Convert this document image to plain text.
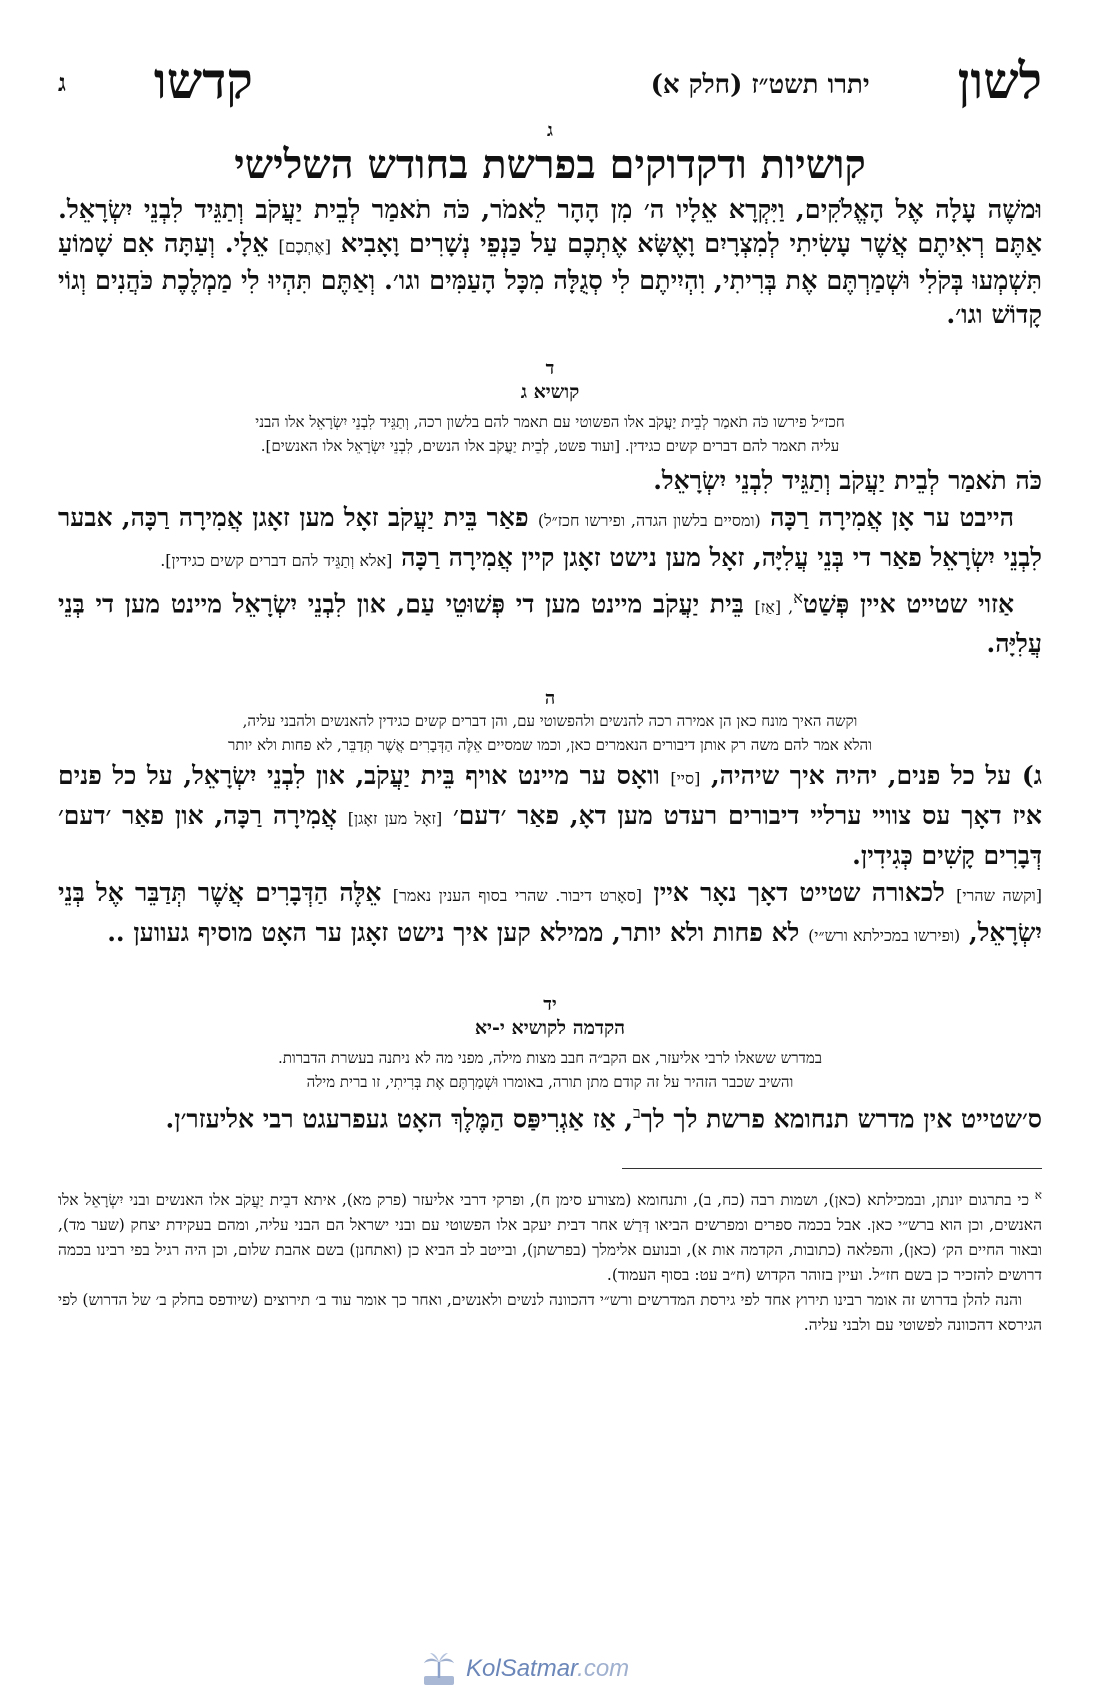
לשון
יתרו תשט״ז (חלק א)
קדשו
ג

ג

קושיות ודקדוקים בפרשת בחודש השלישי
וּמשֶׁה עָלָה אֶל הָאֱלֹקִים, וַיִּקְרָא אֵלָיו ה׳ מִן הָהָר לֵאמֹר, כֹּה תֹאמַר לְבֵית יַעֲקֹב וְתַגֵּיד לִבְנֵי יִשְׂרָאֵל. אַתֶּם רְאִיתֶם אֲשֶׁר עָשִׂיתִי לְמִצְרָיִם וָאֶשָּׂא אֶתְכֶם עַל כַּנְפֵי נְשָׁרִים וָאָבִיא [אֶתְכֶם] אֵלָי. וְעַתָּה אִם שָׁמוֹעַ תִּשְׁמְעוּ בְּקֹלִי וּשְׁמַרְתֶּם אֶת בְּרִיתִי, וִהְיִיתֶם לִי סְגֻלָּה מִכָּל הָעַמִּים וגו׳. וְאַתֶּם תִּהְיוּ לִי מַמְלֶכֶת כֹּהֲנִים וְגוֹי קָדוֹשׁ וגו׳.

ד

קושיא ג
חכז״ל פירשו כֹּה תֹאמַר לְבֵית יַעֲקֹב אלו הפשוטי עם תאמר להם בלשון רכה, וְתַגֵּיד לִבְנֵי יִשְׂרָאֵל אלו הבני
עליה תאמר להם דברים קשים כגידין. [ועוד פשט, לְבֵית יַעֲקֹב אלו הנשים, לִבְנֵי יִשְׂרָאֵל אלו האנשים].

כֹּה תֹאמַר לְבֵית יַעֲקֹב וְתַגֵּיד לִבְנֵי יִשְׂרָאֵל.

הייבט ער אָן אֲמִירָה רַכָּה (ומסיים בלשון הגדה, ופירשו חכז״ל) פאַר בֵּית יַעֲקֹב זאָל מען זאָגן אֲמִירָה רַכָּה, אבער לִבְנֵי יִשְׂרָאֵל פאַר די בְּנֵי עֲלִיָּה, זאָל מען נישט זאָגן קיין אֲמִירָה רַכָּה [אלא וְתַגֵּיד להם דברים קשים כגידין].

אַזוי שטייט איין פְּשַׁט$^א$, [אַז] בֵּית יַעֲקֹב מיינט מען די פְּשׁוּטֵי עַם, און לִבְנֵי יִשְׂרָאֵל מיינט מען די בְּנֵי עֲלִיָּה.

ה

וקשה האיך מונח כאן הן אמירה רכה להנשים ולהפשוטי עם, והן דברים קשים כגידין להאנשים ולהבני עליה,
והלא אמר להם משה רק אותן דיבורים הנאמרים כאן, וכמו שמסיים אֵלֶּה הַדְּבָרִים אֲשֶׁר תְּדַבֵּר, לא פחות ולא יותר

ג) על כל פנים, יהיה איך שיהיה, [סיי] וואָס ער מיינט אויף בֵּית יַעֲקֹב, און לִבְנֵי יִשְׂרָאֵל, על כל פנים איז דאָך עס צוויי ערליי דיבורים רעדט מען דאָ, פאַר ׳דעם׳ [זאָל מען זאָגן] אֲמִירָה רַכָּה, און פאַר ׳דעם׳ דְּבָרִים קָשִׁים כְּגִידִין.

[וקשה שהרי] לכאורה שטייט דאָך נאָר איין [סאָרט דיבור. שהרי בסוף הענין נאמר] אֵלֶּה הַדְּבָרִים אֲשֶׁר תְּדַבֵּר אֶל בְּנֵי יִשְׂרָאֵל, (ופירשו במכילתא ורש״י) לא פחות ולא יותר, ממילא קען איך נישט זאָגן ער האָט מוסיף געווען ..

יד

הקדמה לקושיא י-יא
במדרש ששאלו לרבי אליעזר, אם הקב״ה חבב מצות מילה, מפני מה לא ניתנה בעשרת הדברות.
והשיב שכבר הזהיר על זה קודם מתן תורה, באומרו וּשְׁמַרְתֶּם אֶת בְּרִיתִי, זו ברית מילה

ס׳שטייט אין מדרש תנחומא פרשת לך לך$^ב$, אַז אַגְרִיפַּס הַמֶּלֶךְ האָט געפרעגט רבי אליעזר׳ן.

$^א$ כי בתרגום יונתן, ובמכילתא (כאן), ושמות רבה (כח, ב), ותנחומא (מצורע סימן ח), ופרקי דרבי אליעזר (פרק מא), איתא דבֵית יַעֲקֹב אלו האנשים ובני יִשְׂרָאֵל אלו האנשים, וכן הוא ברש״י כאן. אבל בכמה ספרים ומפרשים הביאו דְּרַשׁ אחר דבית יעקב אלו הפשוטי עם ובני ישראל הם הבני עליה, ומהם בעקידת יצחק (שער מד), ובאור החיים הק׳ (כאן), והפלאה (כתובות, הקדמה אות א), ובנועם אלימלך (בפרשתן), ובייטב לב הביא כן (ואתחנן) בשם אהבת שלום, וכן היה רגיל בפי רבינו בכמה דרושים להזכיר כן בשם חז״ל. ועיין בזוהר הקדוש (ח״ב עט: בסוף העמוד).

והנה להלן בדרוש זה אומר רבינו תירוץ אחד לפי גירסת המדרשים ורש״י דהכוונה לנשים ולאנשים, ואחר כך אומר עוד ב׳ תירוצים (שיודפס בחלק ב׳ של הדרוש) לפי הגירסא דהכוונה לפשוטי עם ולבני עליה.

KolSatmar.com
